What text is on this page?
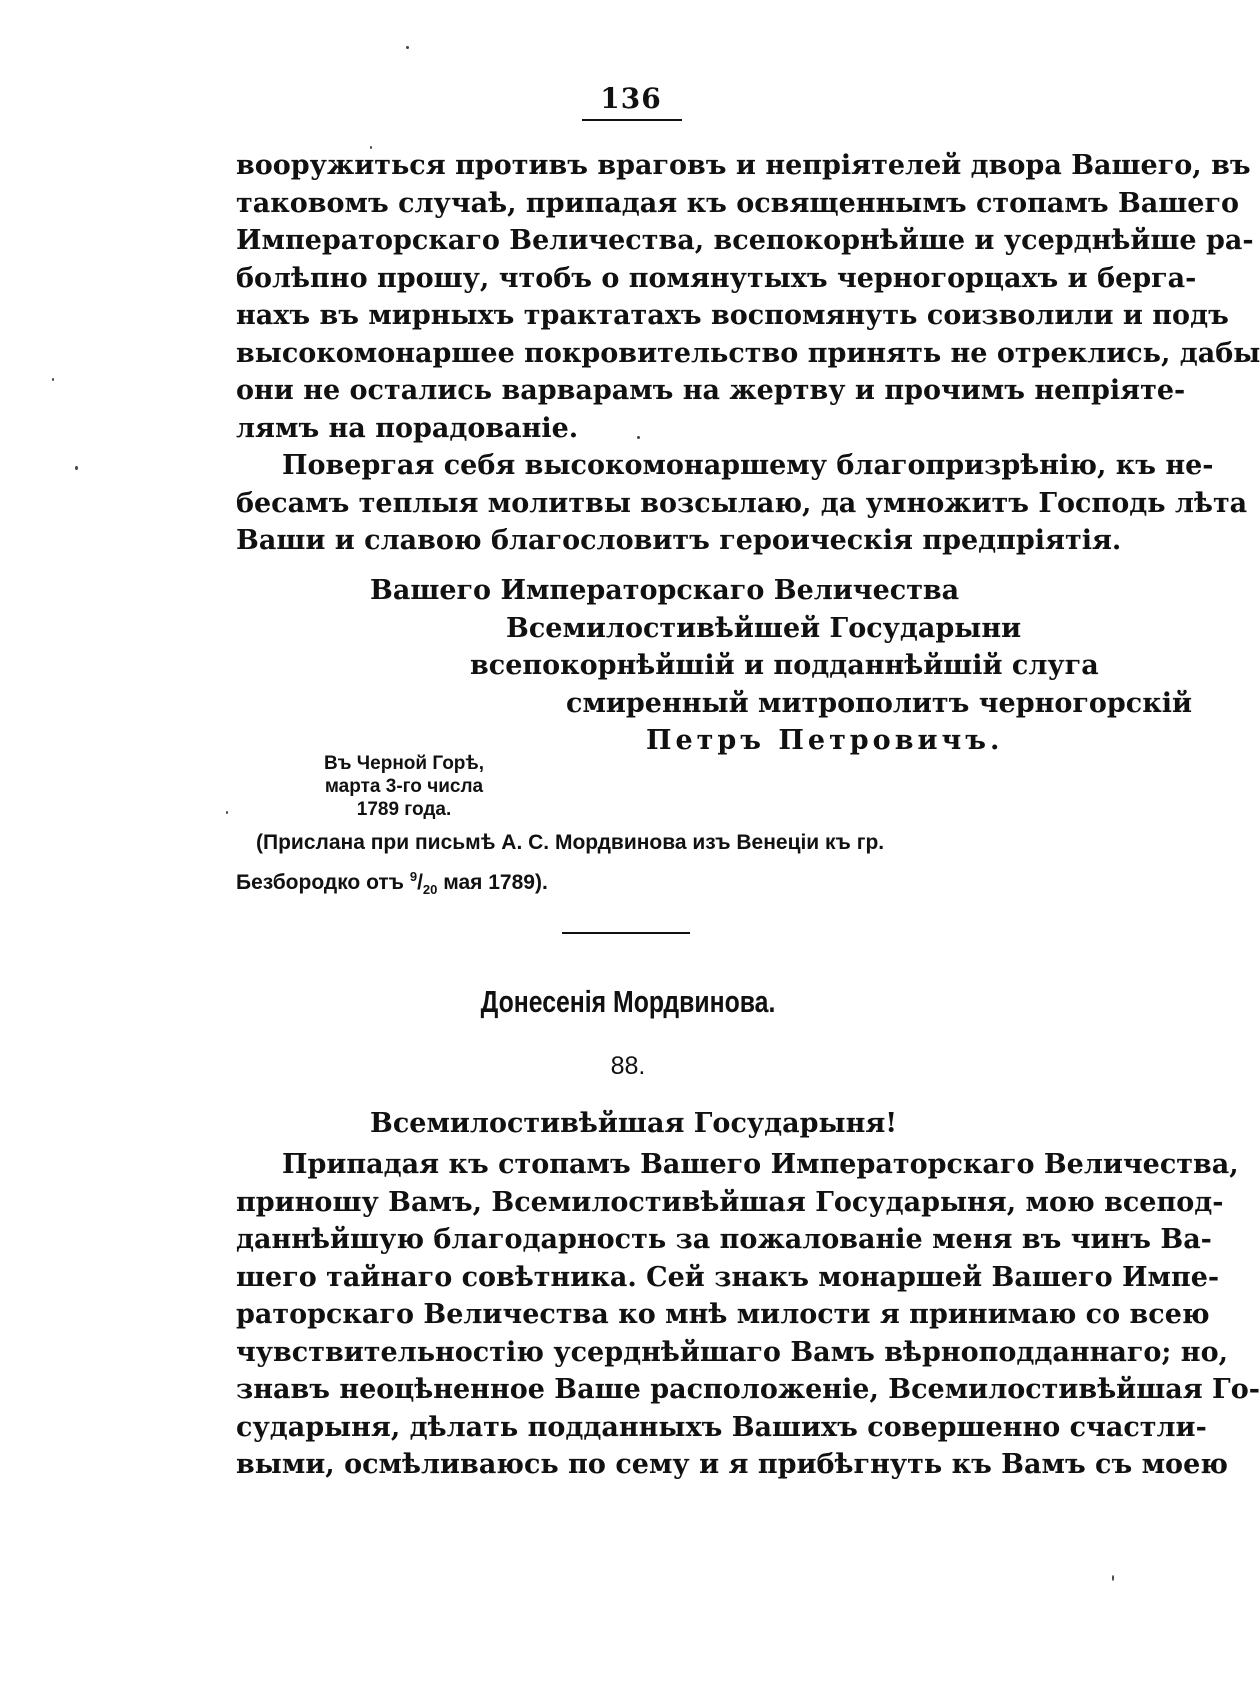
136
вооружиться противъ враговъ и непріятелей двора Вашего, въ
таковомъ случаѣ, припадая къ освященнымъ стопамъ Вашего
Императорскаго Величества, всепокорнѣйше и усерднѣйше ра-
болѣпно прошу, чтобъ о помянутыхъ черногорцахъ и берга-
нахъ въ мирныхъ трактатахъ воспомянуть соизволили и подъ
высокомонаршее покровительство принять не отреклись, дабы
они не остались варварамъ на жертву и прочимъ непріяте-
лямъ на порадованіе.
Повергая себя высокомонаршему благопризрѣнію, къ не-
бесамъ теплыя молитвы возсылаю, да умножитъ Господь лѣта
Ваши и славою благословитъ героическія предпріятія.
Вашего Императорскаго Величества
Всемилостивѣйшей Государыни
всепокорнѣйшій и подданнѣйшій слуга
смиренный митрополитъ черногорскій
Петръ Петровичъ.
Въ Черной Горѣ,
марта 3-го числа
1789 года.
(Прислана при письмѣ А. С. Мордвинова изъ Венеціи къ гр.
Безбородко отъ $^9/_{20}$ мая 1789).
Донесенія Мордвинова.
88.
Всемилостивѣйшая Государыня!
Припадая къ стопамъ Вашего Императорскаго Величества,
приношу Вамъ, Всемилостивѣйшая Государыня, мою всепод-
даннѣйшую благодарность за пожалованіе меня въ чинъ Ва-
шего тайнаго совѣтника. Сей знакъ монаршей Вашего Импе-
раторскаго Величества ко мнѣ милости я принимаю со всею
чувствительностію усерднѣйшаго Вамъ вѣрноподданнаго; но,
знавъ неоцѣненное Ваше расположеніе, Всемилостивѣйшая Го-
сударыня, дѣлать подданныхъ Вашихъ совершенно счастли-
выми, осмѣливаюсь по сему и я прибѣгнуть къ Вамъ съ моею
